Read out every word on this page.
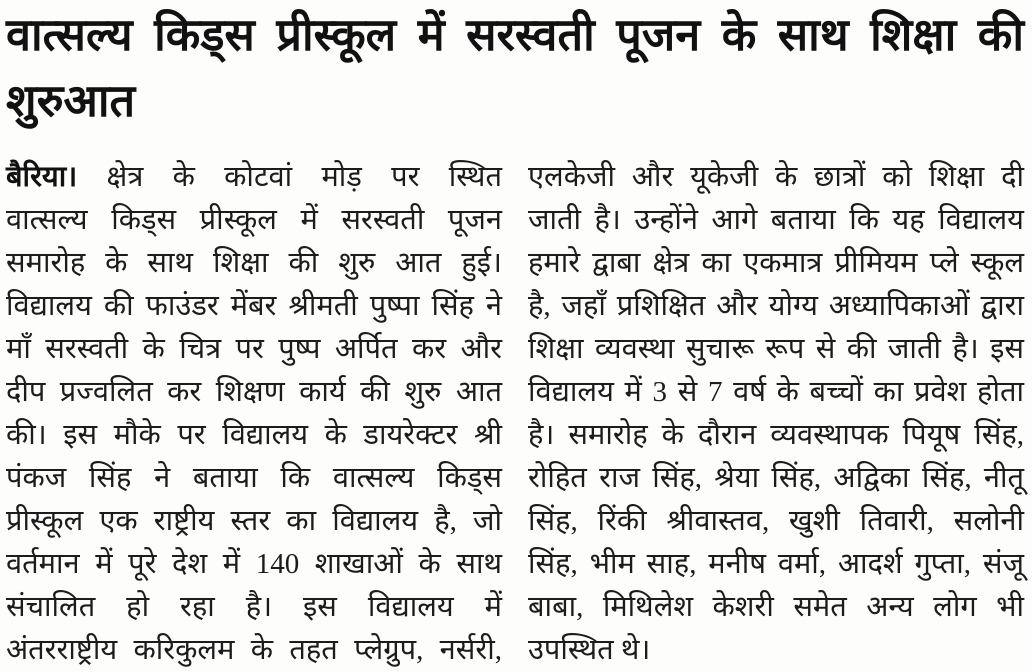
वात्सल्य किड्स प्रीस्कूल में सरस्वती पूजन के साथ शिक्षा की शुरुआत
बैरिया। क्षेत्र के कोटवां मोड़ पर स्थित
वात्सल्य किड्स प्रीस्कूल में सरस्वती पूजन
समारोह के साथ शिक्षा की शुरु आत हुई।
विद्यालय की फाउंडर मेंबर श्रीमती पुष्पा सिंह ने
माँ सरस्वती के चित्र पर पुष्प अर्पित कर और
दीप प्रज्वलित कर शिक्षण कार्य की शुरु आत
की। इस मौके पर विद्यालय के डायरेक्टर श्री
पंकज सिंह ने बताया कि वात्सल्य किड्स
प्रीस्कूल एक राष्ट्रीय स्तर का विद्यालय है, जो
वर्तमान में पूरे देश में 140 शाखाओं के साथ
संचालित हो रहा है। इस विद्यालय में
अंतरराष्ट्रीय करिकुलम के तहत प्लेग्रुप, नर्सरी,
एलकेजी और यूकेजी के छात्रों को शिक्षा दी
जाती है। उन्होंने आगे बताया कि यह विद्यालय
हमारे द्वाबा क्षेत्र का एकमात्र प्रीमियम प्ले स्कूल
है, जहाँ प्रशिक्षित और योग्य अध्यापिकाओं द्वारा
शिक्षा व्यवस्था सुचारू रूप से की जाती है। इस
विद्यालय में 3 से 7 वर्ष के बच्चों का प्रवेश होता
है। समारोह के दौरान व्यवस्थापक पियूष सिंह,
रोहित राज सिंह, श्रेया सिंह, अद्विका सिंह, नीतू
सिंह, रिंकी श्रीवास्तव, खुशी तिवारी, सलोनी
सिंह, भीम साह, मनीष वर्मा, आदर्श गुप्ता, संजू
बाबा, मिथिलेश केशरी समेत अन्य लोग भी
उपस्थित थे।
